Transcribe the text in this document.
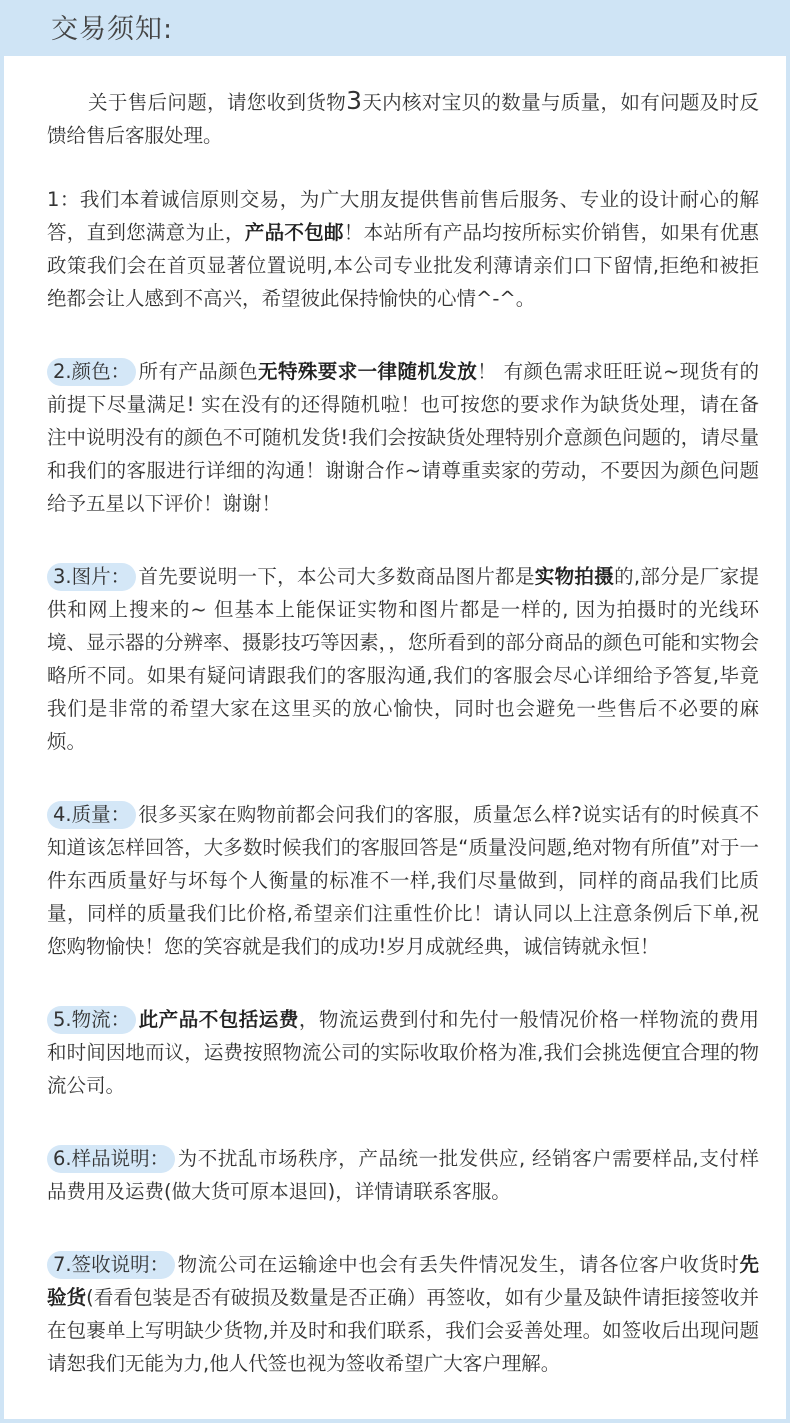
交易须知:

关于售后问题，请您收到货物3天内核对宝贝的数量与质量，如有问题及时反馈给售后客服处理。

1：我们本着诚信原则交易，为广大朋友提供售前售后服务、专业的设计耐心的解答，直到您满意为止，产品不包邮！本站所有产品均按所标实价销售，如果有优惠政策我们会在首页显著位置说明,本公司专业批发利薄请亲们口下留情,拒绝和被拒绝都会让人感到不高兴，希望彼此保持愉快的心情^-^。

2.颜色： 所有产品颜色无特殊要求一律随机发放！ 有颜色需求旺旺说~现货有的前提下尽量满足! 实在没有的还得随机啦！也可按您的要求作为缺货处理，请在备注中说明没有的颜色不可随机发货!我们会按缺货处理特别介意颜色问题的，请尽量和我们的客服进行详细的沟通！谢谢合作~请尊重卖家的劳动，不要因为颜色问题给予五星以下评价！谢谢！

3.图片： 首先要说明一下，本公司大多数商品图片都是实物拍摄的,部分是厂家提供和网上搜来的~ 但基本上能保证实物和图片都是一样的, 因为拍摄时的光线环境、显示器的分辨率、摄影技巧等因素，，您所看到的部分商品的颜色可能和实物会略所不同。如果有疑问请跟我们的客服沟通,我们的客服会尽心详细给予答复,毕竟我们是非常的希望大家在这里买的放心愉快，同时也会避免一些售后不必要的麻烦。

4.质量： 很多买家在购物前都会问我们的客服，质量怎么样?说实话有的时候真不知道该怎样回答，大多数时候我们的客服回答是“质量没问题,绝对物有所值”对于一件东西质量好与坏每个人衡量的标准不一样,我们尽量做到，同样的商品我们比质量，同样的质量我们比价格,希望亲们注重性价比！请认同以上注意条例后下单,祝您购物愉快！您的笑容就是我们的成功!岁月成就经典，诚信铸就永恒！

5.物流： 此产品不包括运费，物流运费到付和先付一般情况价格一样物流的费用和时间因地而议，运费按照物流公司的实际收取价格为准,我们会挑选便宜合理的物流公司。

6.样品说明： 为不扰乱市场秩序，产品统一批发供应, 经销客户需要样品,支付样品费用及运费(做大货可原本退回)，详情请联系客服。

7.签收说明： 物流公司在运输途中也会有丢失件情况发生，请各位客户收货时先验货(看看包装是否有破损及数量是否正确）再签收，如有少量及缺件请拒接签收并在包裹单上写明缺少货物,并及时和我们联系，我们会妥善处理。如签收后出现问题请恕我们无能为力,他人代签也视为签收希望广大客户理解。
